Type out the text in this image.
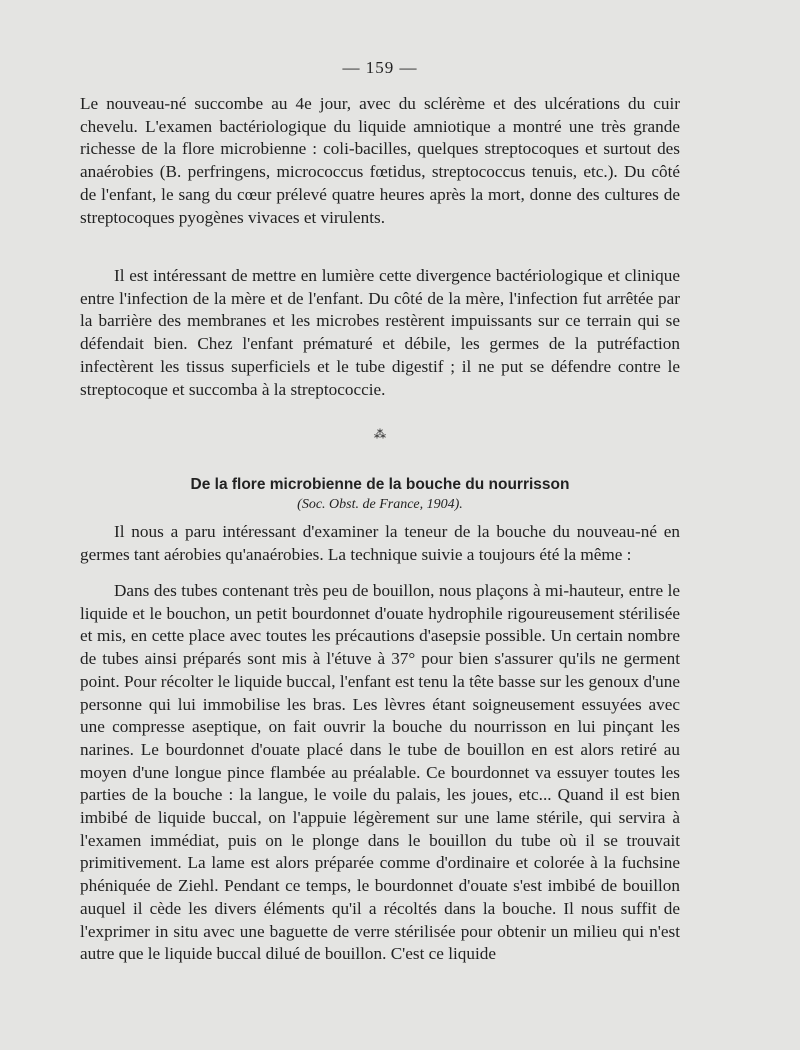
— 159 —

Le nouveau-né succombe au 4e jour, avec du sclérème et des ulcérations du cuir chevelu. L'examen bactériologique du liquide amniotique a montré une très grande richesse de la flore microbienne : coli-bacilles, quelques streptocoques et surtout des anaérobies (B. perfringens, micrococcus fœtidus, streptococcus tenuis, etc.). Du côté de l'enfant, le sang du cœur prélevé quatre heures après la mort, donne des cultures de streptocoques pyogènes vivaces et virulents.

Il est intéressant de mettre en lumière cette divergence bactériologique et clinique entre l'infection de la mère et de l'enfant. Du côté de la mère, l'infection fut arrêtée par la barrière des membranes et les microbes restèrent impuissants sur ce terrain qui se défendait bien. Chez l'enfant prématuré et débile, les germes de la putréfaction infectèrent les tissus superficiels et le tube digestif ; il ne put se défendre contre le streptocoque et succomba à la streptococcie.

⁂
De la flore microbienne de la bouche du nourrisson
(Soc. Obst. de France, 1904).

Il nous a paru intéressant d'examiner la teneur de la bouche du nouveau-né en germes tant aérobies qu'anaérobies. La technique suivie a toujours été la même :

Dans des tubes contenant très peu de bouillon, nous plaçons à mi-hauteur, entre le liquide et le bouchon, un petit bourdonnet d'ouate hydrophile rigoureusement stérilisée et mis, en cette place avec toutes les précautions d'asepsie possible. Un certain nombre de tubes ainsi préparés sont mis à l'étuve à 37° pour bien s'assurer qu'ils ne germent point. Pour récolter le liquide buccal, l'enfant est tenu la tête basse sur les genoux d'une personne qui lui immobilise les bras. Les lèvres étant soigneusement essuyées avec une compresse aseptique, on fait ouvrir la bouche du nourrisson en lui pinçant les narines. Le bourdonnet d'ouate placé dans le tube de bouillon en est alors retiré au moyen d'une longue pince flambée au préalable. Ce bourdonnet va essuyer toutes les parties de la bouche : la langue, le voile du palais, les joues, etc... Quand il est bien imbibé de liquide buccal, on l'appuie légèrement sur une lame stérile, qui servira à l'examen immédiat, puis on le plonge dans le bouillon du tube où il se trouvait primitivement. La lame est alors préparée comme d'ordinaire et colorée à la fuchsine phéniquée de Ziehl. Pendant ce temps, le bourdonnet d'ouate s'est imbibé de bouillon auquel il cède les divers éléments qu'il a récoltés dans la bouche. Il nous suffit de l'exprimer in situ avec une baguette de verre stérilisée pour obtenir un milieu qui n'est autre que le liquide buccal dilué de bouillon. C'est ce liquide
